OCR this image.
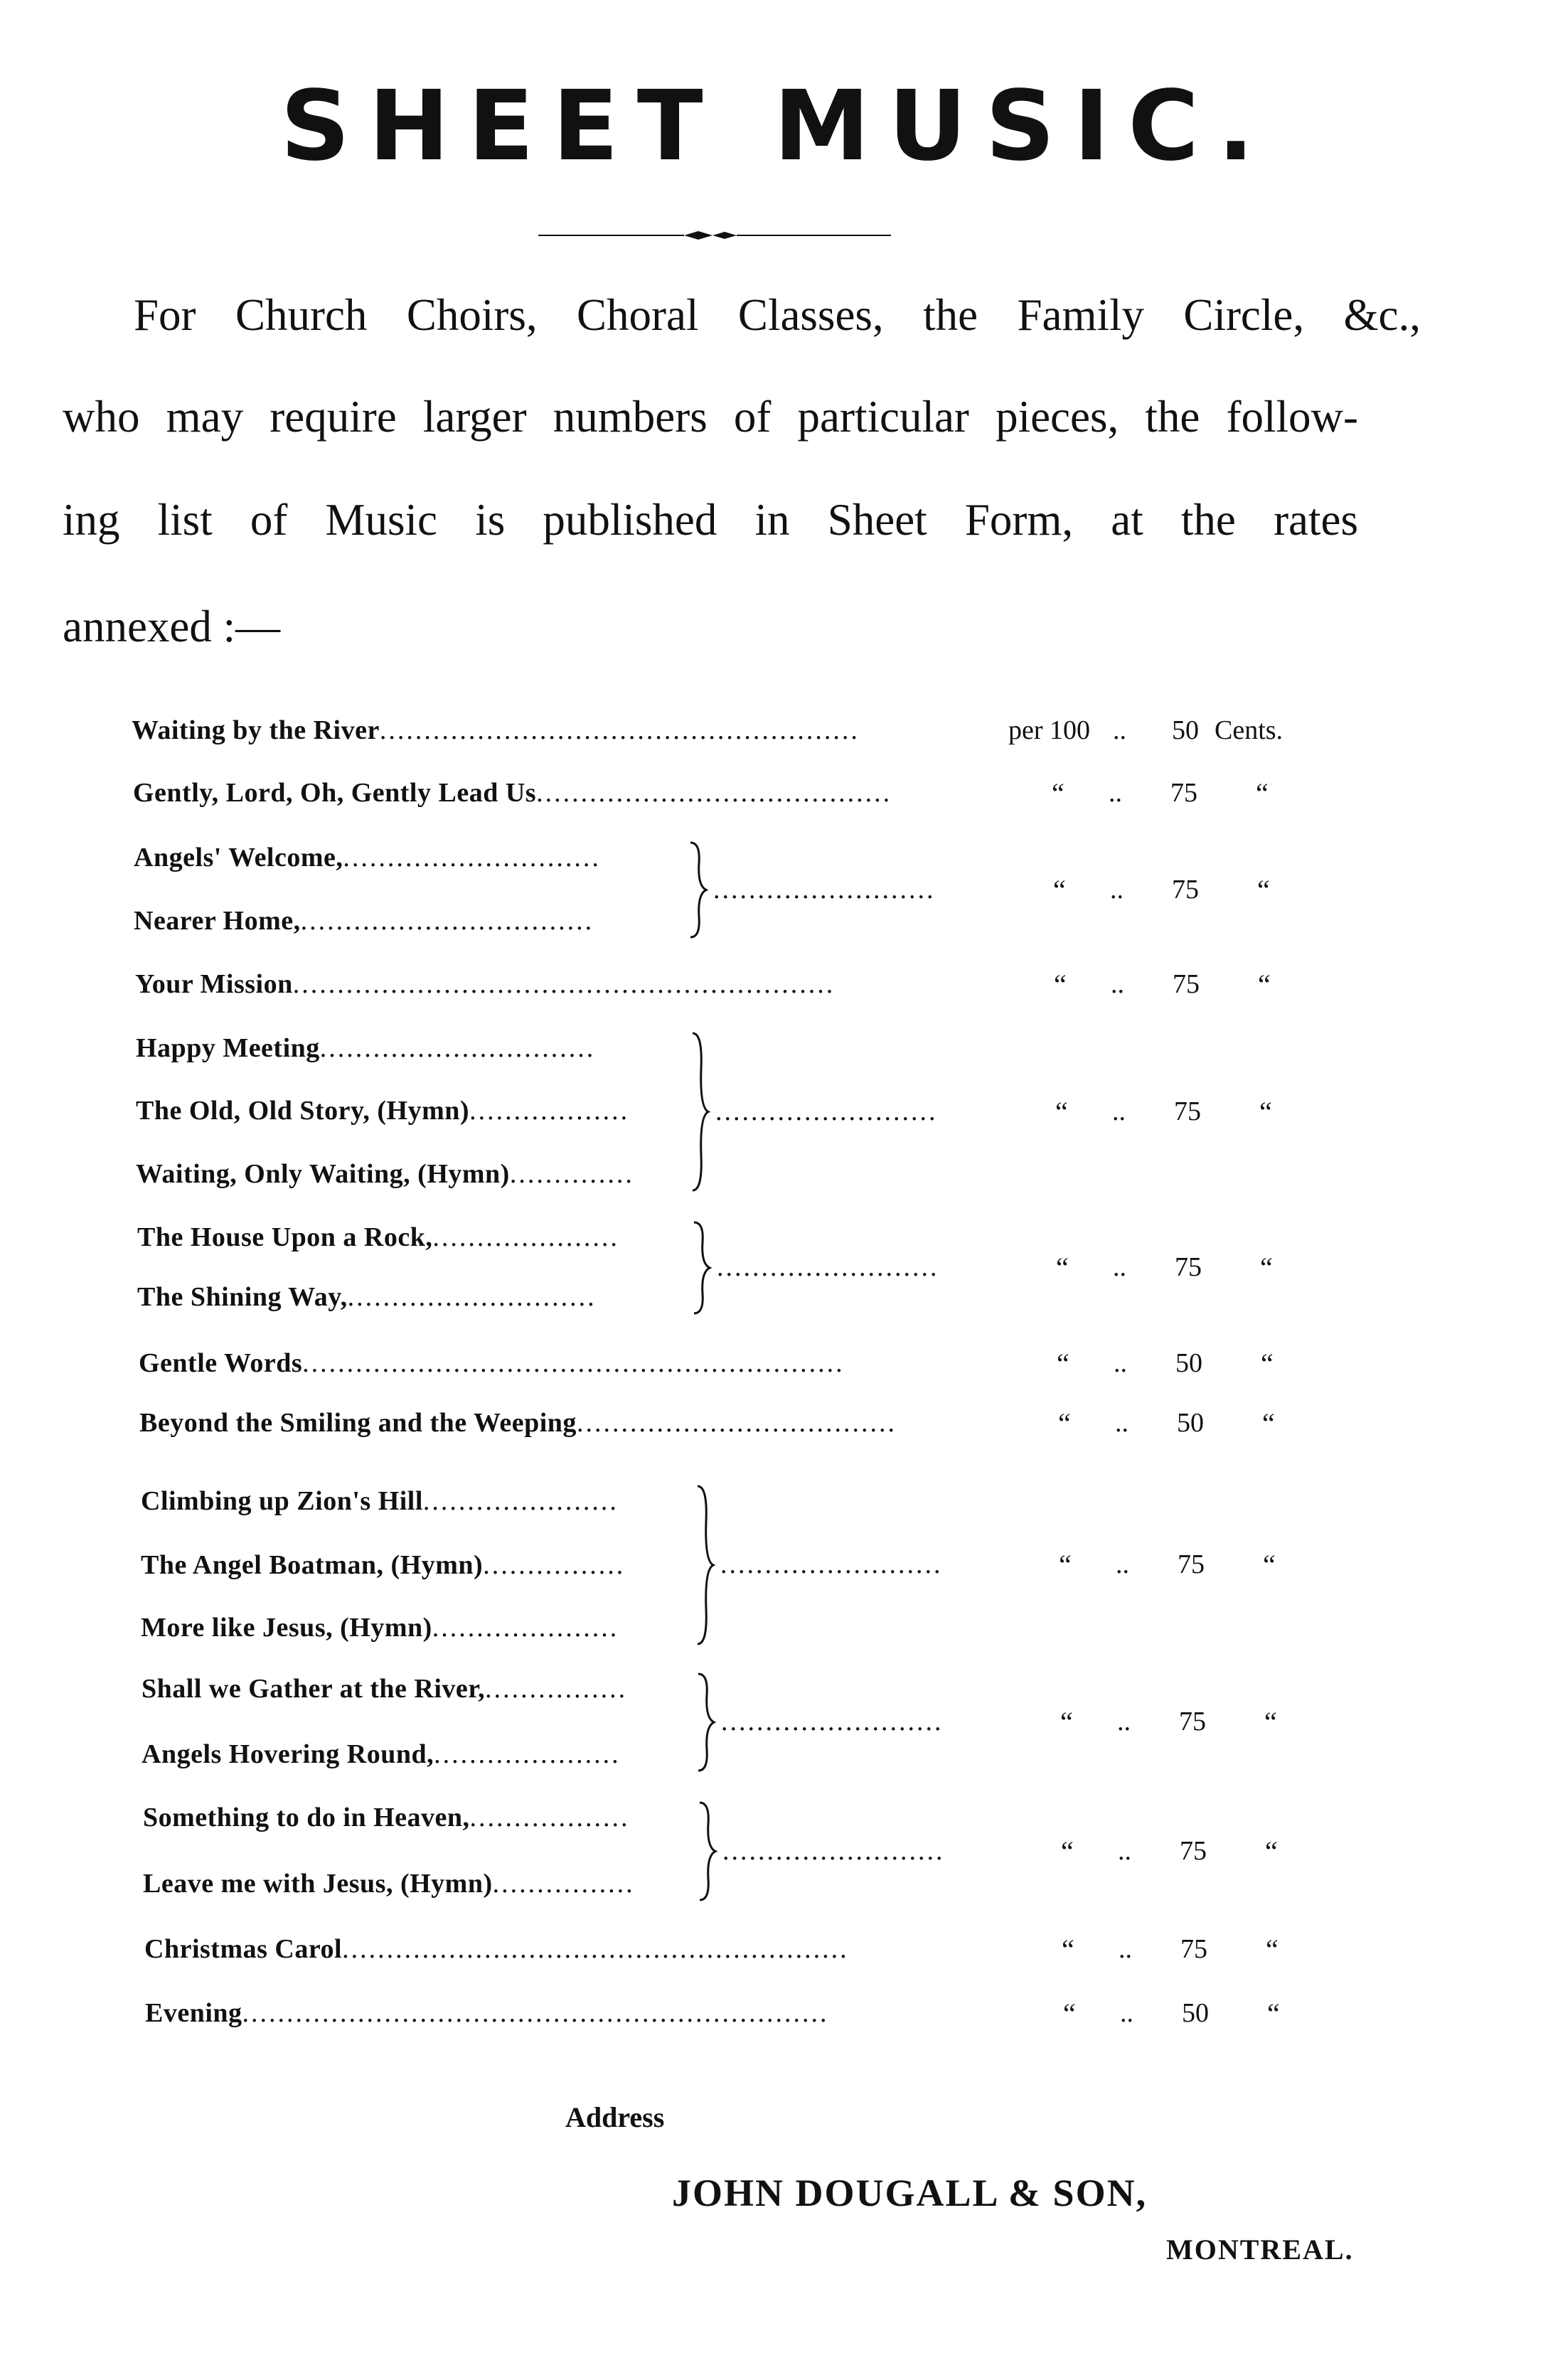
SHEET MUSIC.
For Church Choirs, Choral Classes, the Family Circle, &c.,
who may require larger numbers of particular pieces, the follow-
ing list of Music is published in Sheet Form, at the rates
annexed :—
Waiting by the River......................................................	per 100 .. 50 Cents.
Gently, Lord, Oh, Gently Lead Us........................................	“ .. 75 “
Angels' Welcome,.............................
Nearer Home,.................................
.........................	“ .. 75 “
Your Mission.............................................................	“ .. 75 “
Happy Meeting...............................
The Old, Old Story, (Hymn)..................
Waiting, Only Waiting, (Hymn)..............
.........................	“ .. 75 “
The House Upon a Rock,.....................
The Shining Way,............................
.........................	“ .. 75 “
Gentle Words.............................................................	“ .. 50 “
Beyond the Smiling and the Weeping....................................	“ .. 50 “
Climbing up Zion's Hill......................
The Angel Boatman, (Hymn)................
More like Jesus, (Hymn).....................
.........................	“ .. 75 “
Shall we Gather at the River,................
Angels Hovering Round,.....................
.........................	“ .. 75 “
Something to do in Heaven,..................
Leave me with Jesus, (Hymn)................
.........................	“ .. 75 “
Christmas Carol.........................................................	“ .. 75 “
Evening..................................................................	“ .. 50 “
Address
JOHN DOUGALL & SON,
MONTREAL.
